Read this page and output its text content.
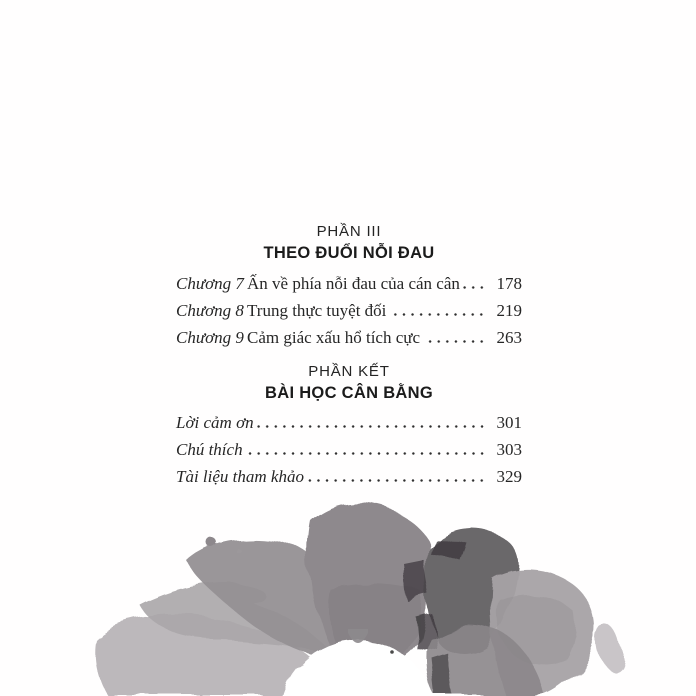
PHẦN III
THEO ĐUỔI NỖI ĐAU
Chương 7 Ấn về phía nỗi đau của cán cân 178
Chương 8 Trung thực tuyệt đối	219
Chương 9 Cảm giác xấu hổ tích cực	263
PHẦN KẾT
BÀI HỌC CÂN BẰNG
Lời cảm ơn	301
Chú thích	303
Tài liệu tham khảo	329
